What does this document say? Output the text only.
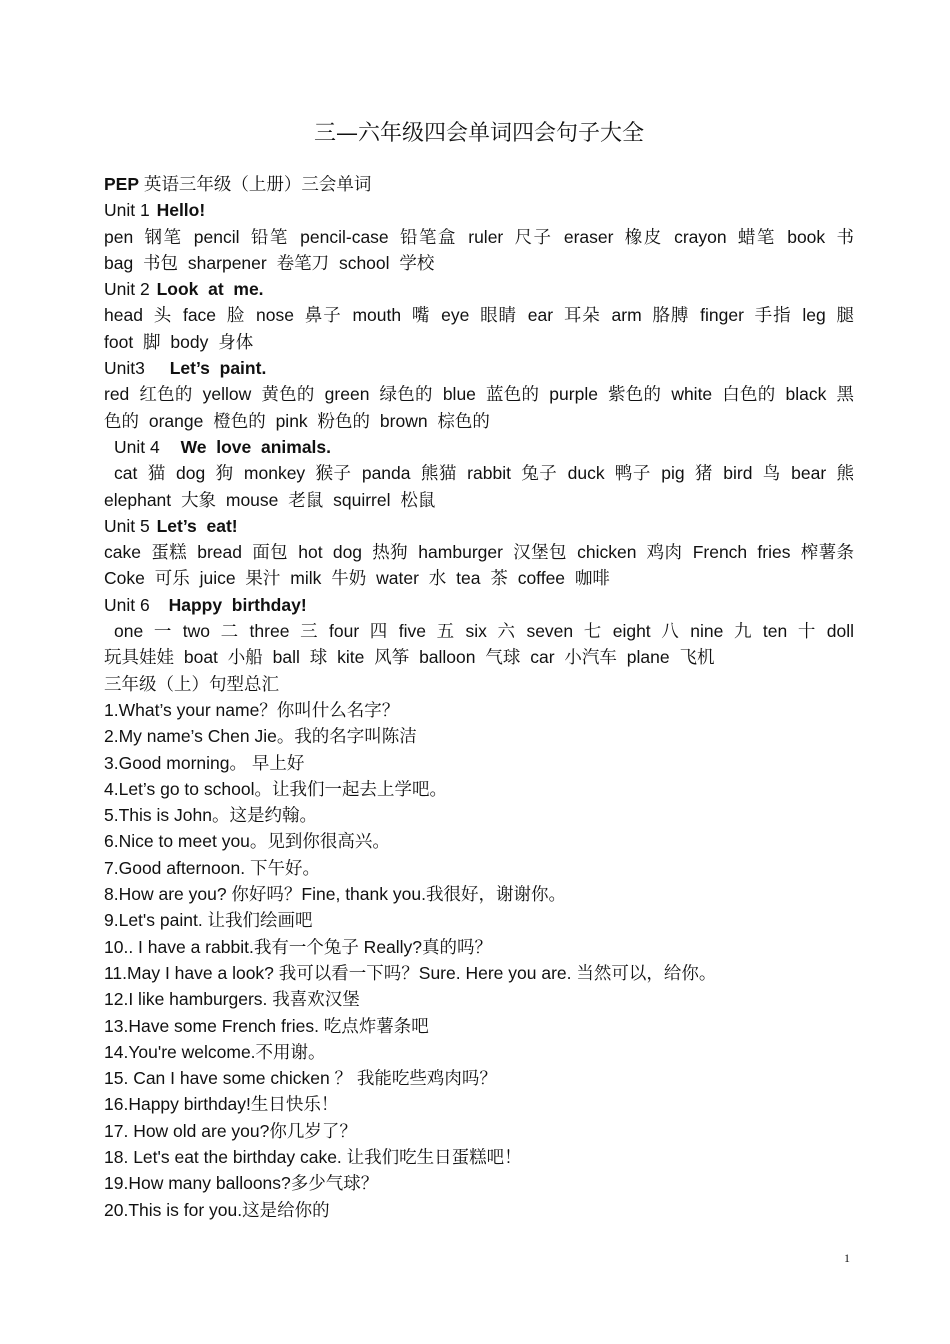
三—六年级四会单词四会句子大全
PEP 英语三年级（上册）三会单词
Unit 1 Hello!
pen 钢笔 pencil 铅笔 pencil-case 铅笔盒 ruler 尺子 eraser 橡皮 crayon 蜡笔 book 书 bag 书包 sharpener 卷笔刀 school 学校
Unit 2 Look  at  me.
head 头 face 脸 nose 鼻子 mouth 嘴 eye 眼睛 ear 耳朵 arm 胳膊 finger 手指 leg 腿 foot 脚 body 身体
Unit3 Let’s  paint.
red 红色的 yellow 黄色的 green 绿色的 blue 蓝色的 purple 紫色的 white 白色的 black 黑色的 orange 橙色的 pink 粉色的 brown 棕色的
Unit 4 We  love  animals.
cat 猫 dog 狗 monkey 猴子 panda 熊猫 rabbit 兔子 duck 鸭子 pig 猪 bird 鸟 bear 熊 elephant 大象 mouse 老鼠 squirrel 松鼠
Unit 5 Let’s  eat!
cake 蛋糕 bread 面包 hot dog 热狗 hamburger 汉堡包 chicken 鸡肉 French fries 榨薯条 Coke 可乐 juice 果汁 milk 牛奶 water 水 tea 茶 coffee 咖啡
Unit 6 Happy  birthday!
one 一 two 二 three 三 four 四 five 五 six 六 seven 七 eight 八 nine 九 ten 十 doll 玩具娃娃 boat 小船 ball 球 kite 风筝 balloon 气球 car 小汽车 plane 飞机
三年级（上）句型总汇
1.What’s your name？你叫什么名字？
2.My name’s Chen Jie。我的名字叫陈洁
3.Good morning。 早上好
4.Let’s go to school。让我们一起去上学吧。
5.This is John。这是约翰。
6.Nice to meet you。见到你很高兴。
7.Good afternoon. 下午好。
8.How are you? 你好吗？Fine, thank you.我很好，谢谢你。
9.Let's paint. 让我们绘画吧
10.. I have a rabbit.我有一个兔子 Really?真的吗？
11.May I have a look? 我可以看一下吗？Sure. Here you are. 当然可以，给你。
12.I like hamburgers. 我喜欢汉堡
13.Have some French fries. 吃点炸薯条吧
14.You're welcome.不用谢。
15. Can I have some chicken ？ 我能吃些鸡肉吗？
16.Happy birthday!生日快乐！
17. How old are you?你几岁了？
18. Let's eat the birthday cake. 让我们吃生日蛋糕吧！
19.How many balloons?多少气球？
20.This is for you.这是给你的
1
